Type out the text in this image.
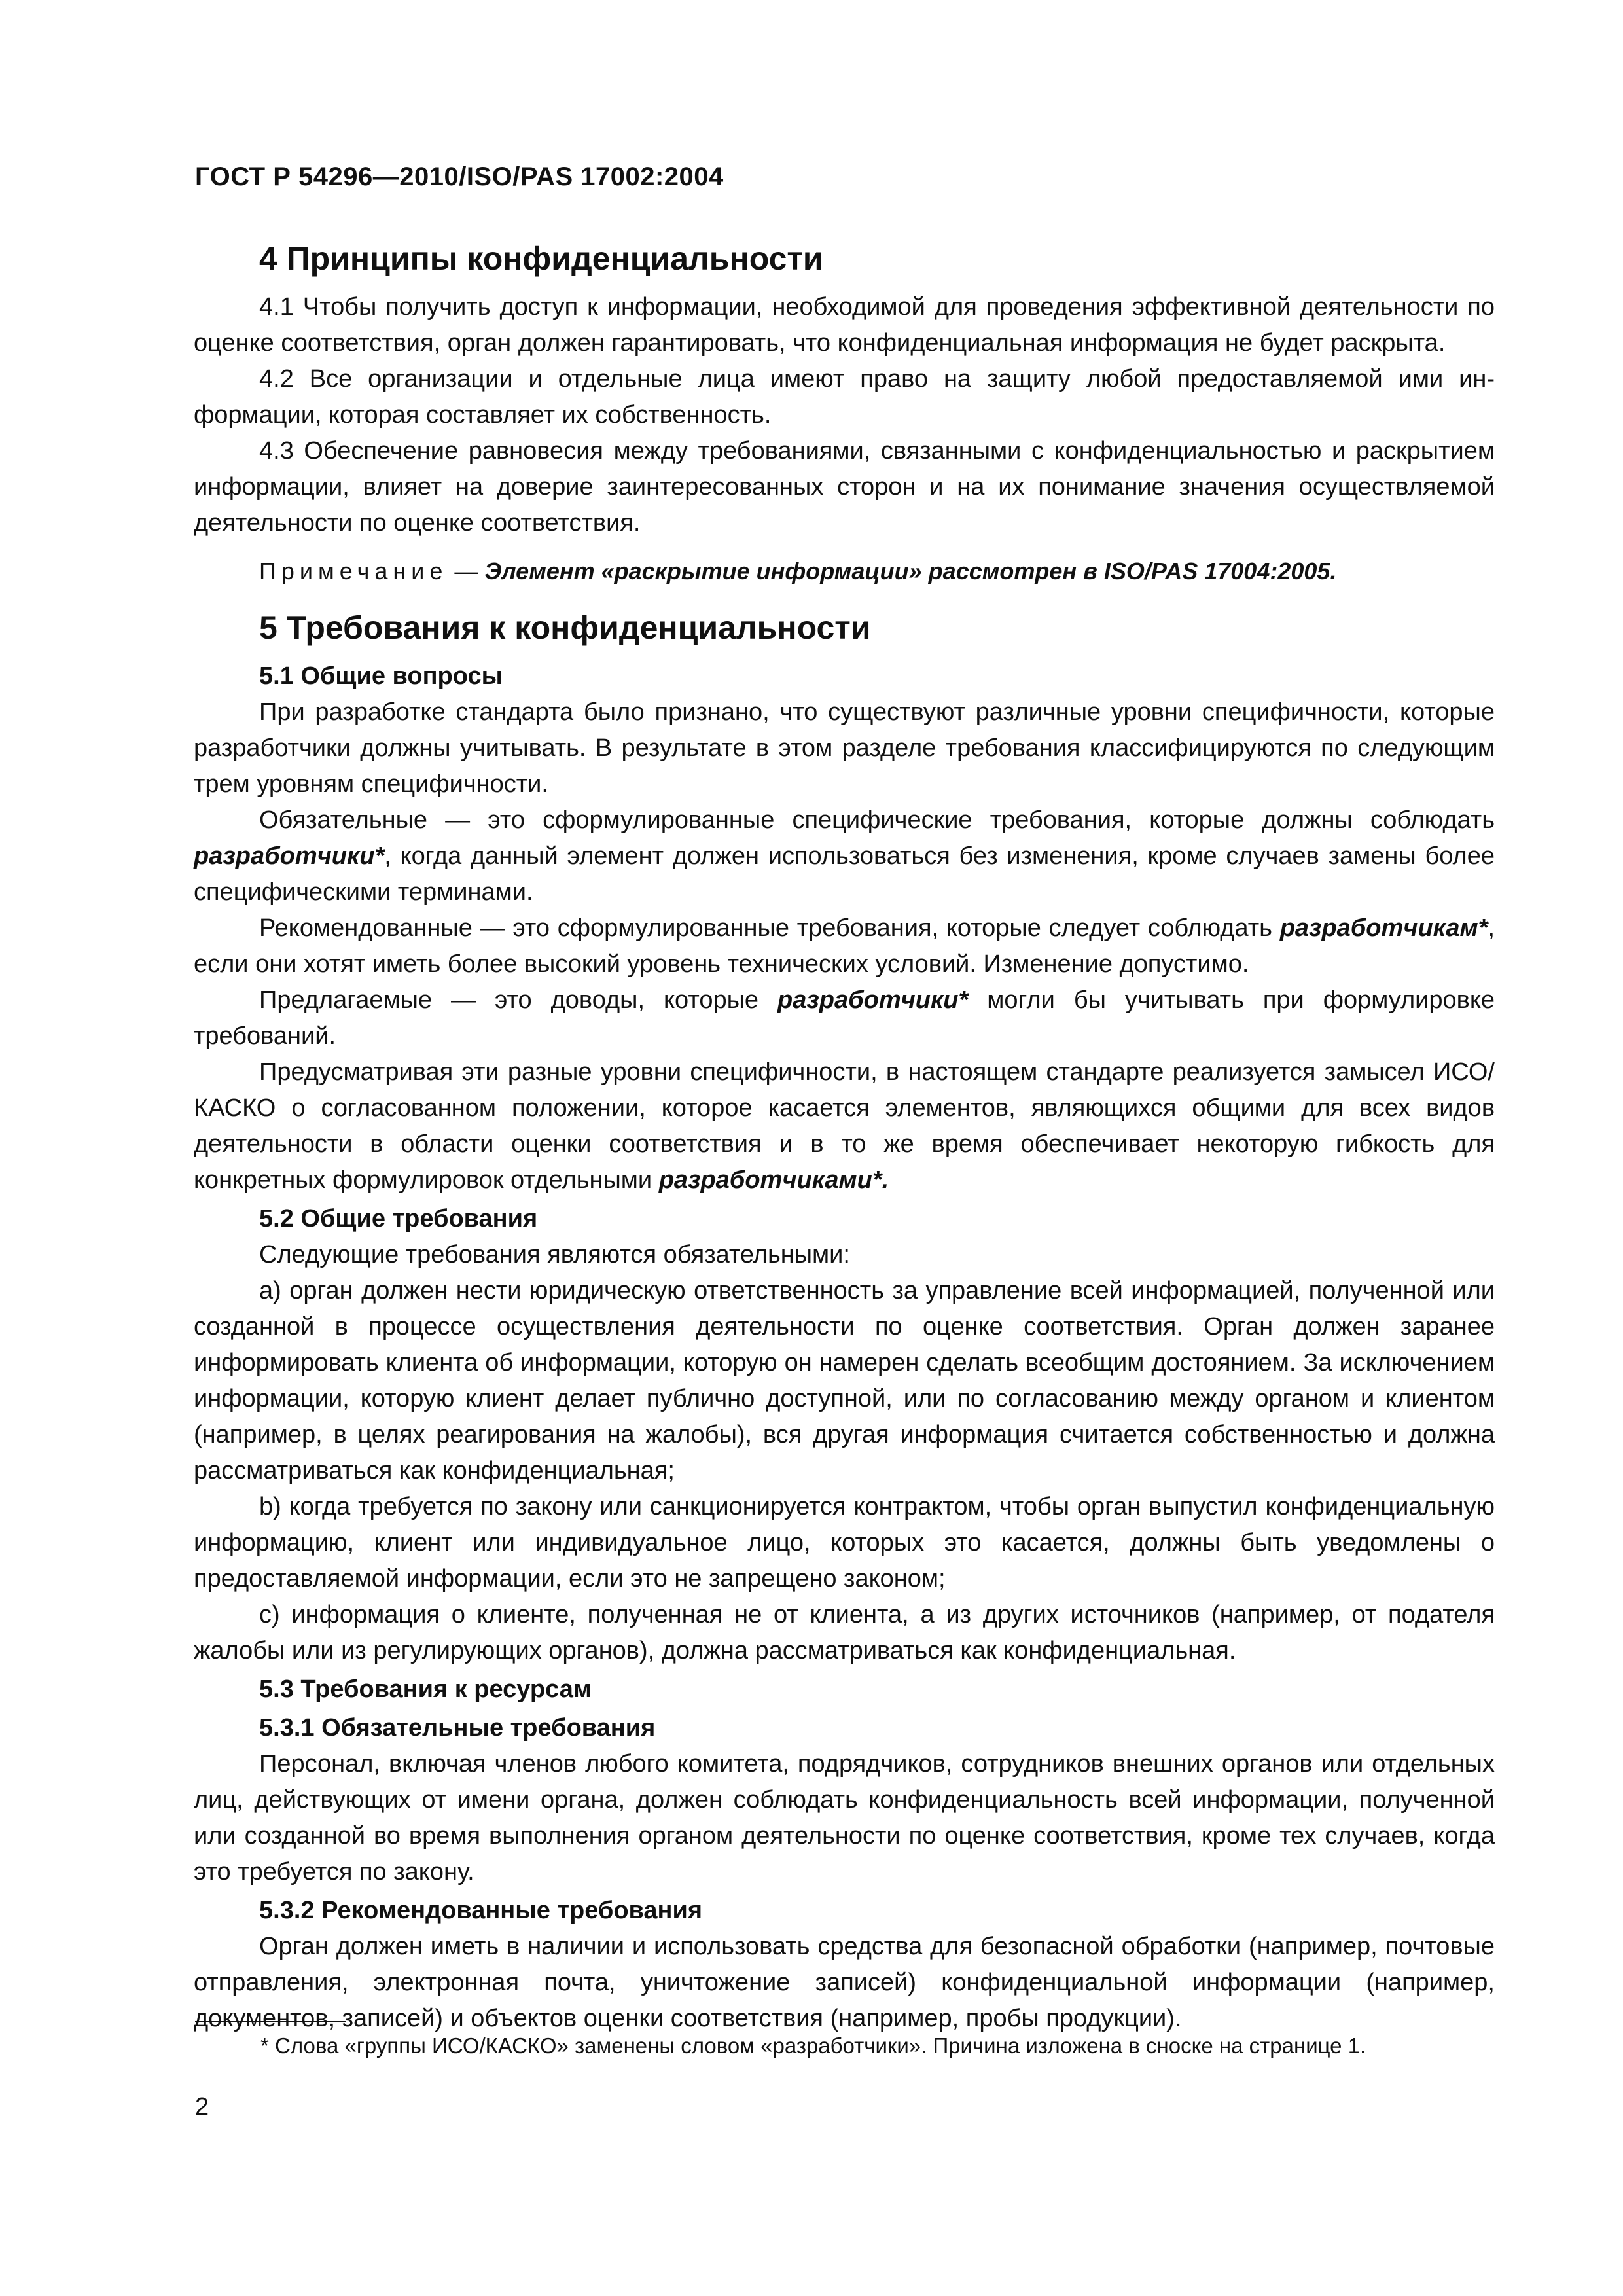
ГОСТ Р 54296—2010/ISO/PAS 17002:2004
4 Принципы конфиденциальности

4.1 Чтобы получить доступ к информации, необходимой для проведения эффективной деятельности по оценке соответствия, орган должен гарантировать, что конфиденциальная информация не будет раскрыта.

4.2 Все организации и отдельные лица имеют право на защиту любой предоставляемой ими информации, которая составляет их собственность.

4.3 Обеспечение равновесия между требованиями, связанными с конфиденциальностью и раскрытием информации, влияет на доверие заинтересованных сторон и на их понимание значения осуществляемой деятельности по оценке соответствия.

Примечание — Элемент «раскрытие информации» рассмотрен в ISO/PAS 17004:2005.

5 Требования к конфиденциальности
5.1 Общие вопросы

При разработке стандарта было признано, что существуют различные уровни специфичности, которые разработчики должны учитывать. В результате в этом разделе требования классифицируются по следующим трем уровням специфичности.

Обязательные — это сформулированные специфические требования, которые должны соблюдать разработчики*, когда данный элемент должен использоваться без изменения, кроме случаев замены более специфическими терминами.

Рекомендованные — это сформулированные требования, которые следует соблюдать разработчикам*, если они хотят иметь более высокий уровень технических условий. Изменение допустимо.

Предлагаемые — это доводы, которые разработчики* могли бы учитывать при формулировке требований.

Предусматривая эти разные уровни специфичности, в настоящем стандарте реализуется замысел ИСО/КАСКО о согласованном положении, которое касается элементов, являющихся общими для всех видов деятельности в области оценки соответствия и в то же время обеспечивает некоторую гибкость для конкретных формулировок отдельными разработчиками*.

5.2 Общие требования

Следующие требования являются обязательными:

а) орган должен нести юридическую ответственность за управление всей информацией, полученной или созданной в процессе осуществления деятельности по оценке соответствия. Орган должен заранее информировать клиента об информации, которую он намерен сделать всеобщим достоянием. За исключением информации, которую клиент делает публично доступной, или по согласованию между органом и клиентом (например, в целях реагирования на жалобы), вся другая информация считается собственностью и должна рассматриваться как конфиденциальная;

b) когда требуется по закону или санкционируется контрактом, чтобы орган выпустил конфиденциальную информацию, клиент или индивидуальное лицо, которых это касается, должны быть уведомлены о предоставляемой информации, если это не запрещено законом;

с) информация о клиенте, полученная не от клиента, а из других источников (например, от подателя жалобы или из регулирующих органов), должна рассматриваться как конфиденциальная.

5.3 Требования к ресурсам
5.3.1 Обязательные требования

Персонал, включая членов любого комитета, подрядчиков, сотрудников внешних органов или отдельных лиц, действующих от имени органа, должен соблюдать конфиденциальность всей информации, полученной или созданной во время выполнения органом деятельности по оценке соответствия, кроме тех случаев, когда это требуется по закону.

5.3.2 Рекомендованные требования

Орган должен иметь в наличии и использовать средства для безопасной обработки (например, почтовые отправления, электронная почта, уничтожение записей) конфиденциальной информации (например, документов, записей) и объектов оценки соответствия (например, пробы продукции).

* Слова «группы ИСО/КАСКО» заменены словом «разработчики». Причина изложена в сноске на странице 1.
2
